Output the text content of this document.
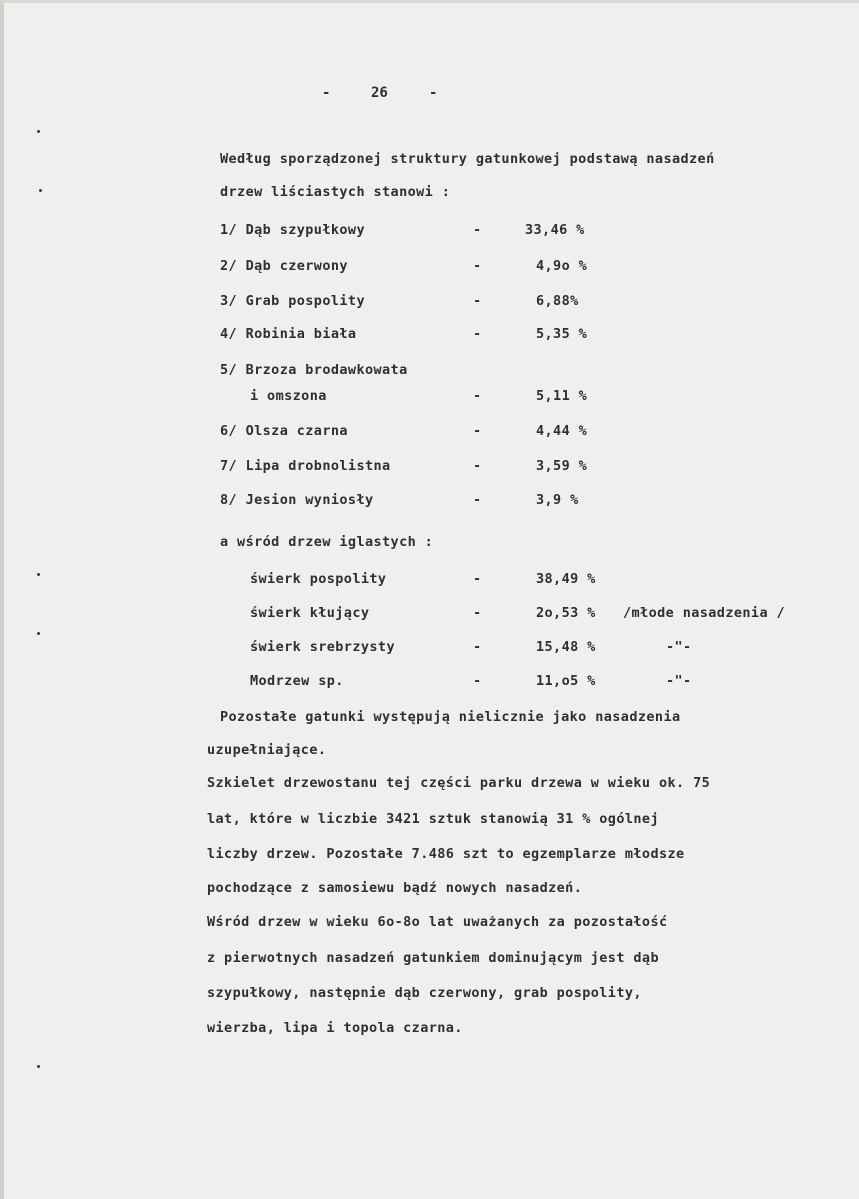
-	26	-
Według sporządzonej struktury gatunkowej podstawą nasadzeń
drzew liściastych stanowi :
1/ Dąb szypułkowy	-	33,46 %
2/ Dąb czerwony	-	4,9o %
3/ Grab pospolity	-	6,88%
4/ Robinia biała	-	5,35 %
5/ Brzoza brodawkowata
i omszona	-	5,11 %
6/ Olsza czarna	-	4,44 %
7/ Lipa drobnolistna	-	3,59 %
8/ Jesion wyniosły	-	3,9 %
a wśród drzew iglastych :
świerk pospolity	-	38,49 %
świerk kłujący	-	2o,53 % /młode nasadzenia /
świerk srebrzysty	-	15,48 %	-"-
Modrzew sp.	-	11,o5 %	-"-
Pozostałe gatunki występują nielicznie jako nasadzenia
uzupełniające.
Szkielet drzewostanu tej części parku drzewa w wieku ok. 75
lat, które w liczbie 3421 sztuk stanowią 31 % ogólnej
liczby drzew. Pozostałe 7.486 szt to egzemplarze młodsze
pochodzące z samosiewu bądź nowych nasadzeń.
Wśród drzew w wieku 6o-8o lat uważanych za pozostałość
z pierwotnych nasadzeń gatunkiem dominującym jest dąb
szypułkowy, następnie dąb czerwony, grab pospolity,
wierzba, lipa i topola czarna.
